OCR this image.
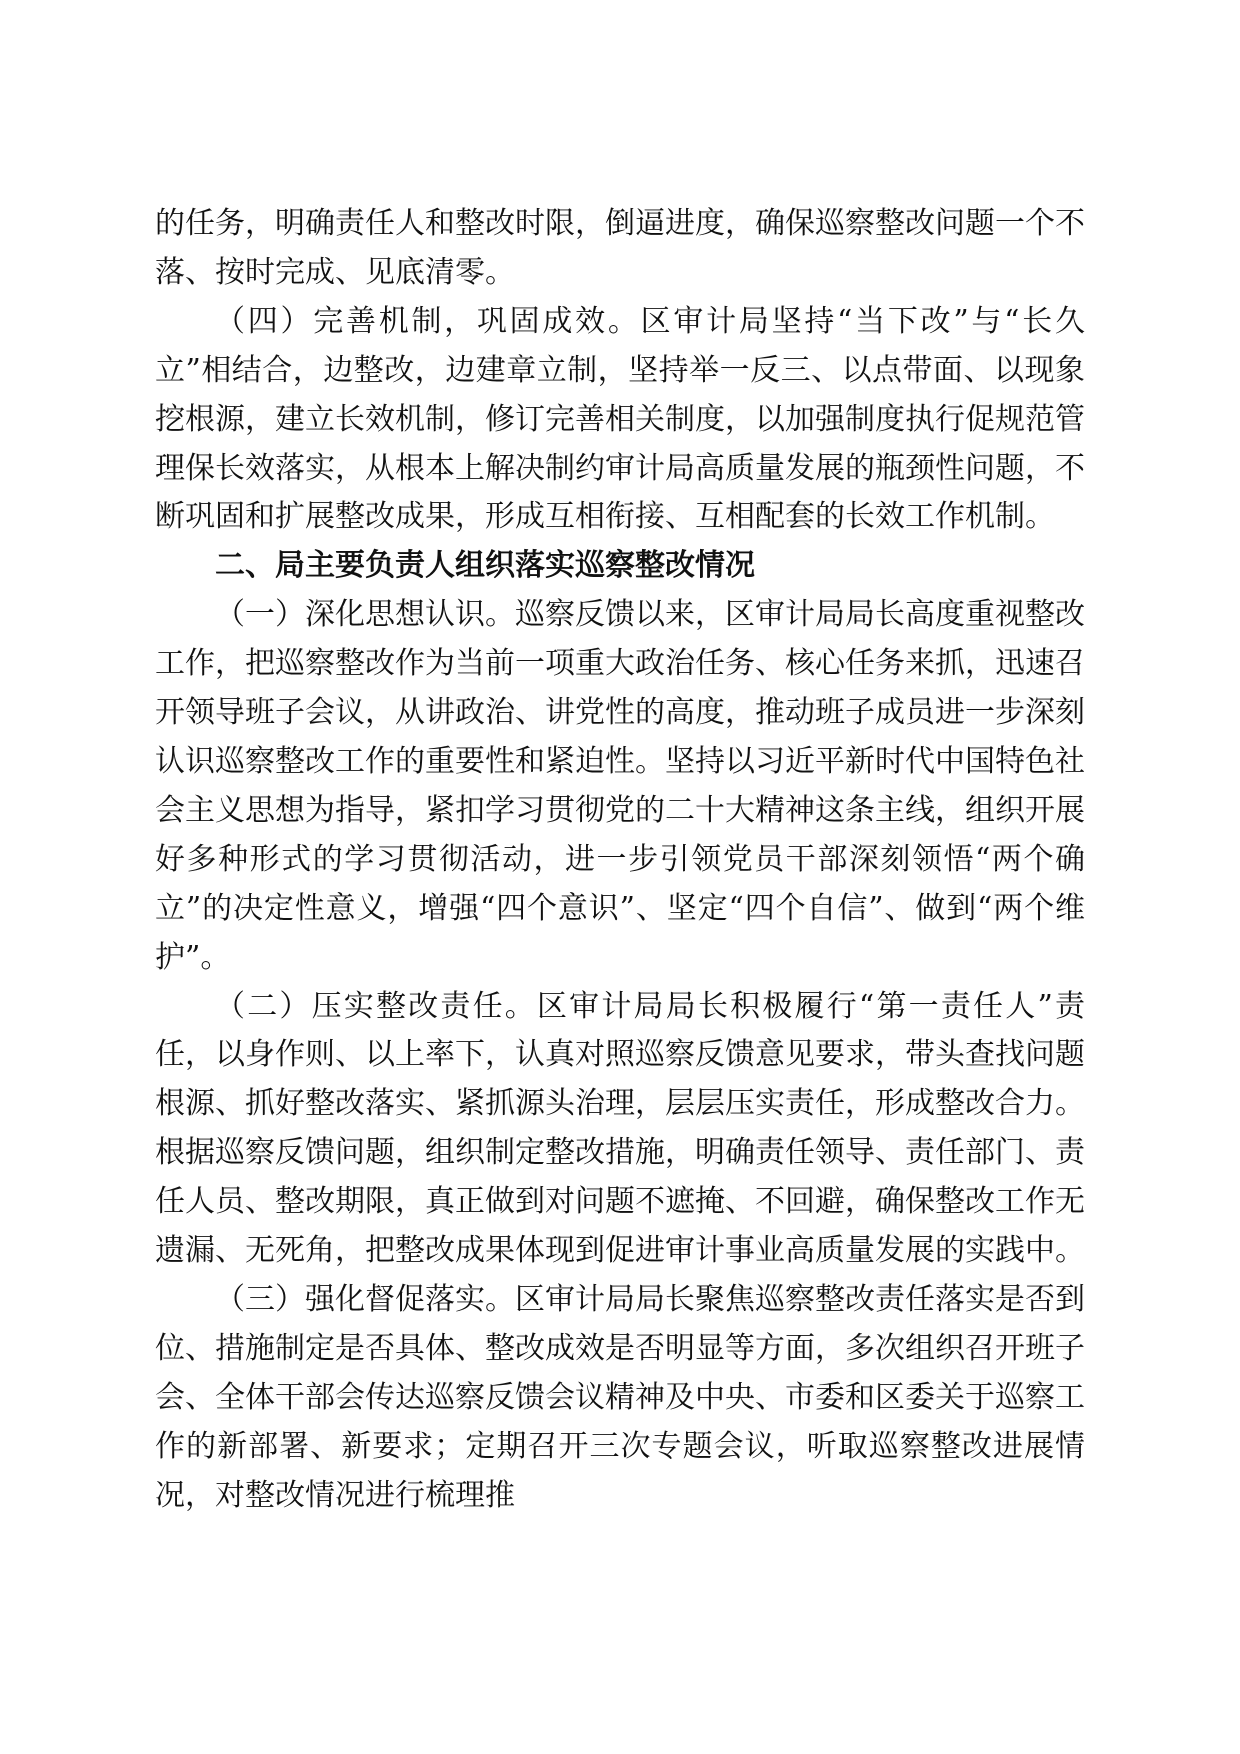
的任务，明确责任人和整改时限，倒逼进度，确保巡察整改问题一个不落、按时完成、见底清零。

（四）完善机制，巩固成效。区审计局坚持“当下改”与“长久立”相结合，边整改，边建章立制，坚持举一反三、以点带面、以现象挖根源，建立长效机制，修订完善相关制度，以加强制度执行促规范管理保长效落实，从根本上解决制约审计局高质量发展的瓶颈性问题，不断巩固和扩展整改成果，形成互相衔接、互相配套的长效工作机制。

二、局主要负责人组织落实巡察整改情况

（一）深化思想认识。巡察反馈以来，区审计局局长高度重视整改工作，把巡察整改作为当前一项重大政治任务、核心任务来抓，迅速召开领导班子会议，从讲政治、讲党性的高度，推动班子成员进一步深刻认识巡察整改工作的重要性和紧迫性。坚持以习近平新时代中国特色社会主义思想为指导，紧扣学习贯彻党的二十大精神这条主线，组织开展好多种形式的学习贯彻活动，进一步引领党员干部深刻领悟“两个确立”的决定性意义，增强“四个意识”、坚定“四个自信”、做到“两个维护”。

（二）压实整改责任。区审计局局长积极履行“第一责任人”责任，以身作则、以上率下，认真对照巡察反馈意见要求，带头查找问题根源、抓好整改落实、紧抓源头治理，层层压实责任，形成整改合力。根据巡察反馈问题，组织制定整改措施，明确责任领导、责任部门、责任人员、整改期限，真正做到对问题不遮掩、不回避，确保整改工作无遗漏、无死角，把整改成果体现到促进审计事业高质量发展的实践中。

（三）强化督促落实。区审计局局长聚焦巡察整改责任落实是否到位、措施制定是否具体、整改成效是否明显等方面，多次组织召开班子会、全体干部会传达巡察反馈会议精神及中央、市委和区委关于巡察工作的新部署、新要求；定期召开三次专题会议，听取巡察整改进展情况，对整改情况进行梳理推
